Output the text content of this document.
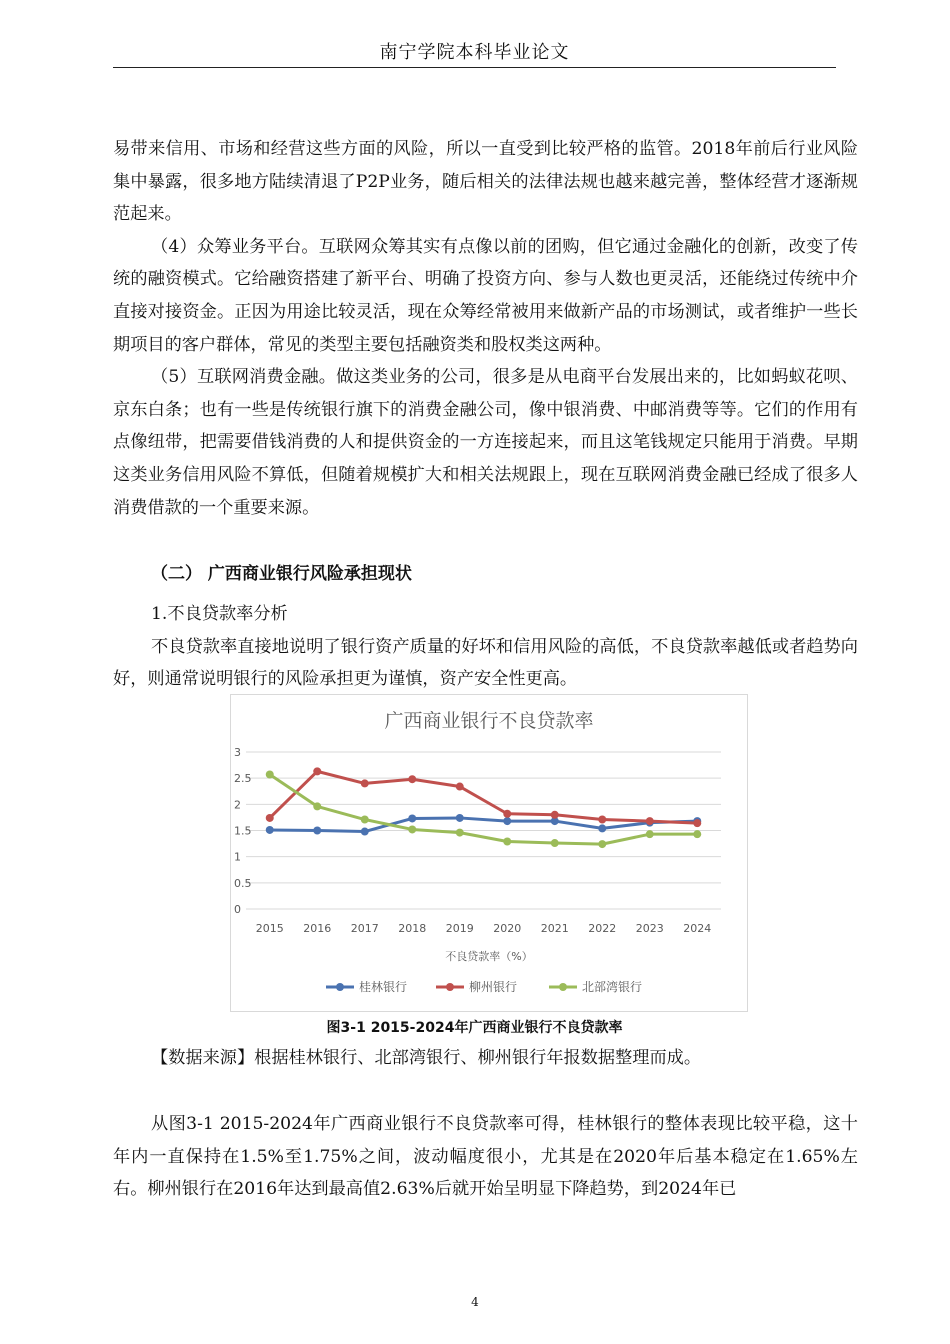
南宁学院本科毕业论文

易带来信用、市场和经营这些方面的风险，所以一直受到比较严格的监管。2018年前后行业风险集中暴露，很多地方陆续清退了P2P业务，随后相关的法律法规也越来越完善，整体经营才逐渐规范起来。

（4）众筹业务平台。互联网众筹其实有点像以前的团购，但它通过金融化的创新，改变了传统的融资模式。它给融资搭建了新平台、明确了投资方向、参与人数也更灵活，还能绕过传统中介直接对接资金。正因为用途比较灵活，现在众筹经常被用来做新产品的市场测试，或者维护一些长期项目的客户群体，常见的类型主要包括融资类和股权类这两种。

（5）互联网消费金融。做这类业务的公司，很多是从电商平台发展出来的，比如蚂蚁花呗、京东白条；也有一些是传统银行旗下的消费金融公司，像中银消费、中邮消费等等。它们的作用有点像纽带，把需要借钱消费的人和提供资金的一方连接起来，而且这笔钱规定只能用于消费。早期这类业务信用风险不算低，但随着规模扩大和相关法规跟上，现在互联网消费金融已经成了很多人消费借款的一个重要来源。

（二） 广西商业银行风险承担现状

1.不良贷款率分析

不良贷款率直接地说明了银行资产质量的好坏和信用风险的高低，不良贷款率越低或者趋势向好，则通常说明银行的风险承担更为谨慎，资产安全性更高。

广西商业银行不良贷款率
0
0.5
1
1.5
2
2.5
3
2015 2016 2017 2018 2019 2020 2021 2022 2023 2024
不良贷款率（%）
桂林银行	柳州银行	北部湾银行
图3-1 2015-2024年广西商业银行不良贷款率

【数据来源】根据桂林银行、北部湾银行、柳州银行年报数据整理而成。

从图3-1 2015-2024年广西商业银行不良贷款率可得，桂林银行的整体表现比较平稳，这十年内一直保持在1.5%至1.75%之间，波动幅度很小，尤其是在2020年后基本稳定在1.65%左右。柳州银行在2016年达到最高值2.63%后就开始呈明显下降趋势，到2024年已

4
